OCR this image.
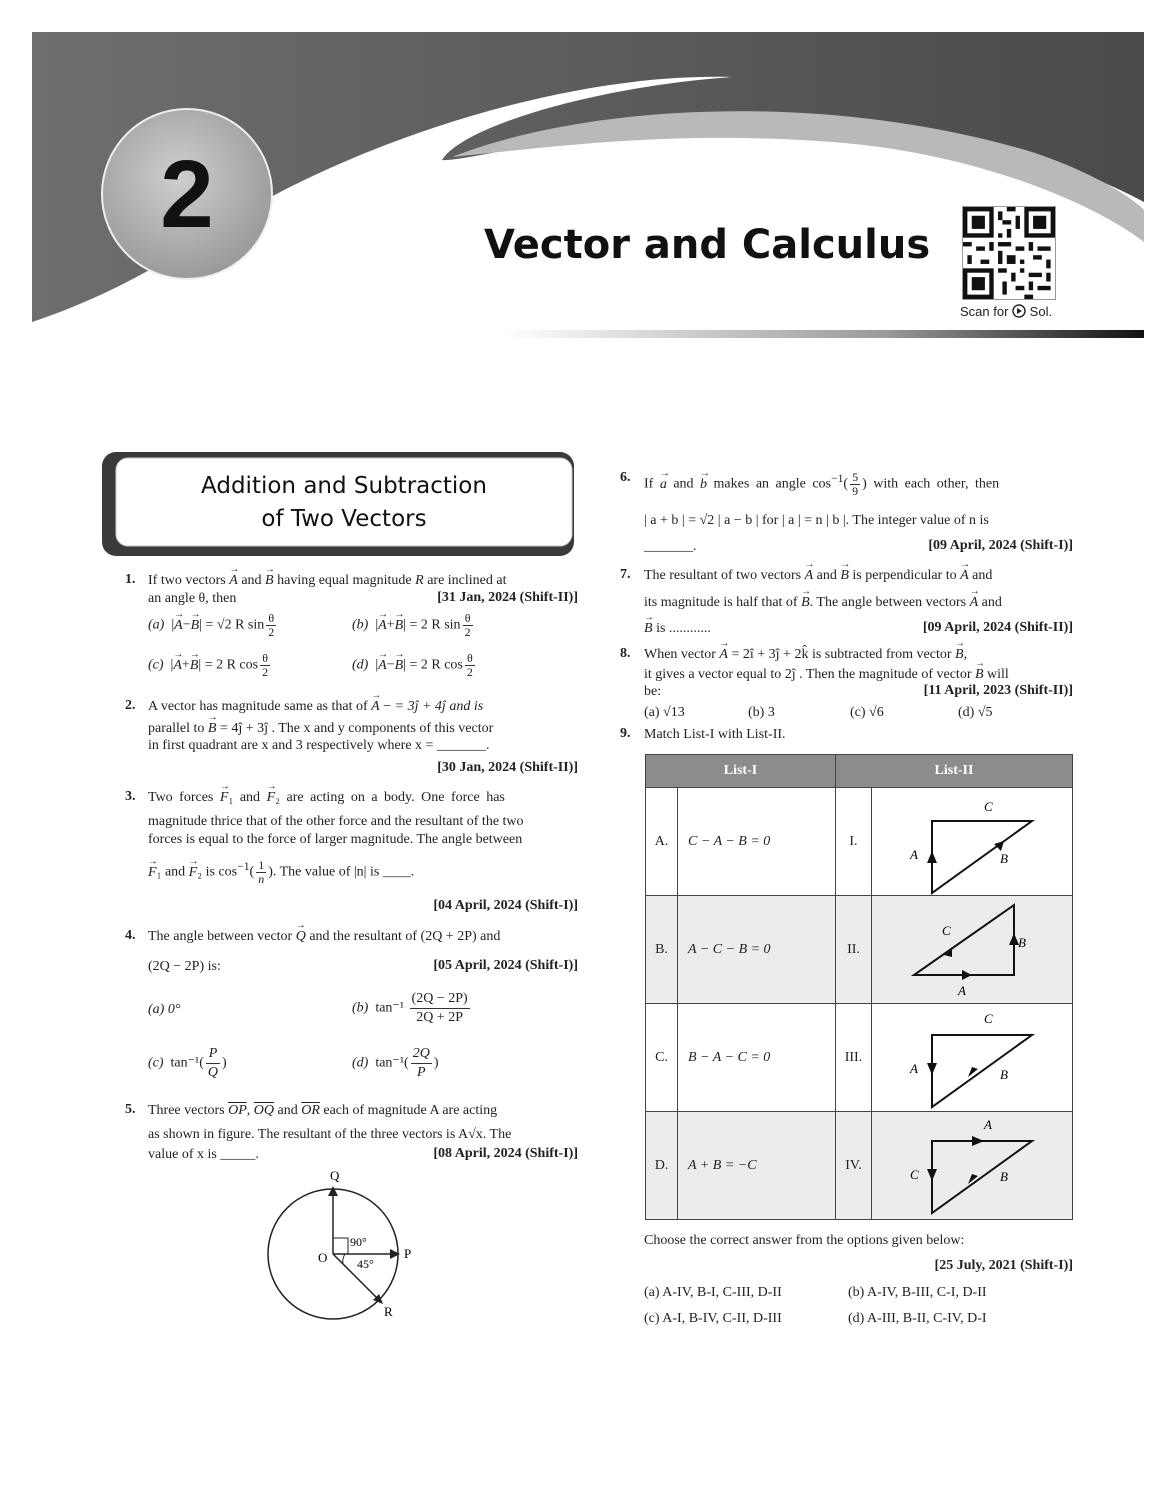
2	Vector and Calculus
Scan for Sol.
Addition and Subtraction
of Two Vectors
1. If two vectors → A and → B having equal magnitude R are inclined at
an angle θ, then	[31 Jan, 2024 (Shift-II)]
(a)  |→ A−→ B| = √2 R $\sin \frac{\theta}{2}$	(b)  |→ A+→ B| = 2 R $\sin \frac{\theta}{2}$
(c)  |→ A+→ B| = 2 R $\cos \frac{\theta}{2}$	(d)  |→ A−→ B| = 2 R $\cos \frac{\theta}{2}$
2. A vector has magnitude same as that of → A − = 3ĵ + 4ĵ and is
parallel to → B = 4ĵ + 3ĵ . The x and y components of this vector
in first quadrant are x and 3 respectively where x = _______.
[30 Jan, 2024 (Shift-II)]
3. Two forces → F₁ and → F₂ are acting on a body. One force has
magnitude thrice that of the other force and the resultant of the two
forces is equal to the force of larger magnitude. The angle between
→ F₁ and → F₂ is $\cos^{-1}( \frac{1}{n}$ ). The value of |n| is ____.
[04 April, 2024 (Shift-I)]
4. The angle between vector → Q and the resultant of (2Q + 2P) and
(2Q − 2P) is:	[05 April, 2024 (Shift-I)]
(a) 0°	(b) $\tan^{-1} \frac{(2Q - 2P)}{2Q + 2P}$
(c) $\tan^{-1}( \frac{P}{Q}$ )	(d) $\tan^{-1}( \frac{2Q}{P}$ )
5. Three vectors $\overline{OP}$, $\overline{OQ}$ and $\overline{OR}$ each of magnitude A are acting
as shown in figure. The resultant of the three vectors is A√x. The
value of x is _____.	[08 April, 2024 (Shift-I)]
Q
O	P
R
90°
45°
6. If → a and → b makes an angle $\cos^{-1}( \frac{5}{9}$ ) with each other, then
| a + b | = √2 | a − b | for | a | = n | b |. The integer value of n is
_______.	[09 April, 2024 (Shift-I)]
7. The resultant of two vectors → A and → B is perpendicular to → A and
its magnitude is half that of → B. The angle between vectors → A and
→ B is ............	[09 April, 2024 (Shift-II)]
8. When vector → A = 2î + 3ĵ + 2k̂ is subtracted from vector → B,
it gives a vector equal to 2ĵ . Then the magnitude of vector → B will
be:	[11 April, 2023 (Shift-II)]
(a) √13	(b) 3	(c) √6	(d) √5
9. Match List-I with List-II.
List-I		List-II	
A.	C − A − B = 0	I.	C
A B

B.	A − C − B = 0	II.	C
B
A

C.	B − A − C = 0	III.	C
A B

D.	A + B = −C	IV.	A
C B
Choose the correct answer from the options given below:
[25 July, 2021 (Shift-I)]
(a) A-IV, B-I, C-III, D-II	(b) A-IV, B-III, C-I, D-II
(c) A-I, B-IV, C-II, D-III	(d) A-III, B-II, C-IV, D-I
